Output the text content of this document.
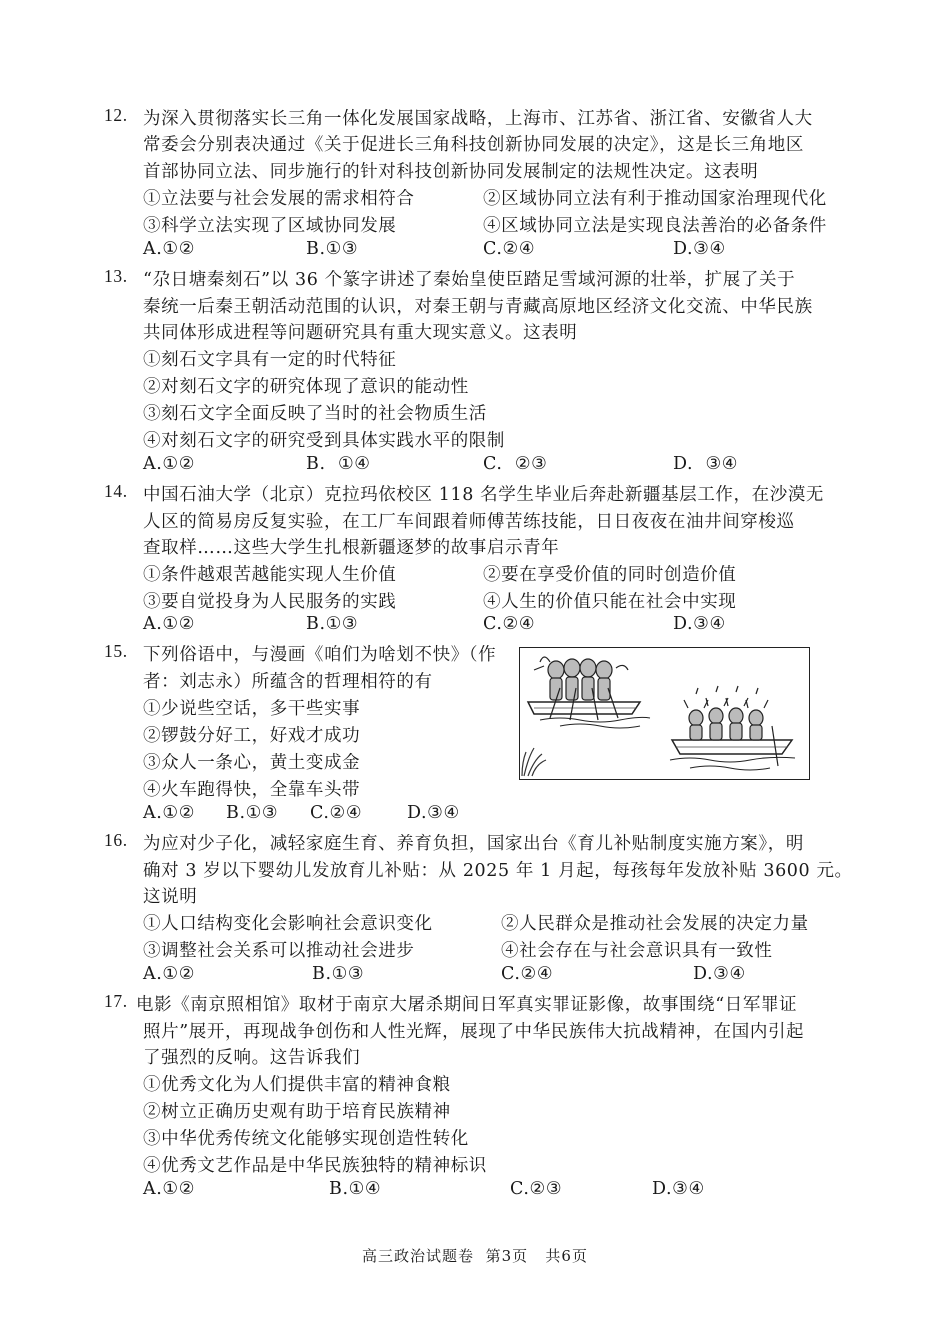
12. 为深入贯彻落实长三角一体化发展国家战略，上海市、江苏省、浙江省、安徽省人大
常委会分别表决通过《关于促进长三角科技创新协同发展的决定》，这是长三角地区
首部协同立法、同步施行的针对科技创新协同发展制定的法规性决定。这表明
①立法要与社会发展的需求相符合	②区域协同立法有利于推动国家治理现代化
③科学立法实现了区域协同发展	④区域协同立法是实现良法善治的必备条件
A.①②	B.①③	C.②④	D.③④
13. “尕日塘秦刻石”以 36 个篆字讲述了秦始皇使臣踏足雪域河源的壮举，扩展了关于
秦统一后秦王朝活动范围的认识，对秦王朝与青藏高原地区经济文化交流、中华民族
共同体形成进程等问题研究具有重大现实意义。这表明
①刻石文字具有一定的时代特征
②对刻石文字的研究体现了意识的能动性
③刻石文字全面反映了当时的社会物质生活
④对刻石文字的研究受到具体实践水平的限制
A.①②	B.  ①④	C.  ②③	D.  ③④
14. 中国石油大学（北京）克拉玛依校区 118 名学生毕业后奔赴新疆基层工作，在沙漠无
人区的简易房反复实验，在工厂车间跟着师傅苦练技能，日日夜夜在油井间穿梭巡
查取样……这些大学生扎根新疆逐梦的故事启示青年
①条件越艰苦越能实现人生价值	②要在享受价值的同时创造价值
③要自觉投身为人民服务的实践	④人生的价值只能在社会中实现
A.①②	B.①③	C.②④	D.③④
15. 下列俗语中，与漫画《咱们为啥划不快》（作
者：刘志永）所蕴含的哲理相符的有
①少说些空话，多干些实事
②锣鼓分好工，好戏才成功
③众人一条心，黄土变成金
④火车跑得快，全靠车头带
A.①② B.①③ C.②④	D.③④
16. 为应对少子化，减轻家庭生育、养育负担，国家出台《育儿补贴制度实施方案》，明
确对 3 岁以下婴幼儿发放育儿补贴：从 2025 年 1 月起，每孩每年发放补贴 3600 元。
这说明
①人口结构变化会影响社会意识变化	②人民群众是推动社会发展的决定力量
③调整社会关系可以推动社会进步	④社会存在与社会意识具有一致性
A.①②	B.①③	C.②④	D.③④
17. 电影《南京照相馆》取材于南京大屠杀期间日军真实罪证影像，故事围绕“日军罪证
照片”展开，再现战争创伤和人性光辉，展现了中华民族伟大抗战精神，在国内引起
了强烈的反响。这告诉我们
①优秀文化为人们提供丰富的精神食粮
②树立正确历史观有助于培育民族精神
③中华优秀传统文化能够实现创造性转化
④优秀文艺作品是中华民族独特的精神标识
A.①②	B.①④	C.②③	D.③④
高三政治试题卷  第3页   共6页
